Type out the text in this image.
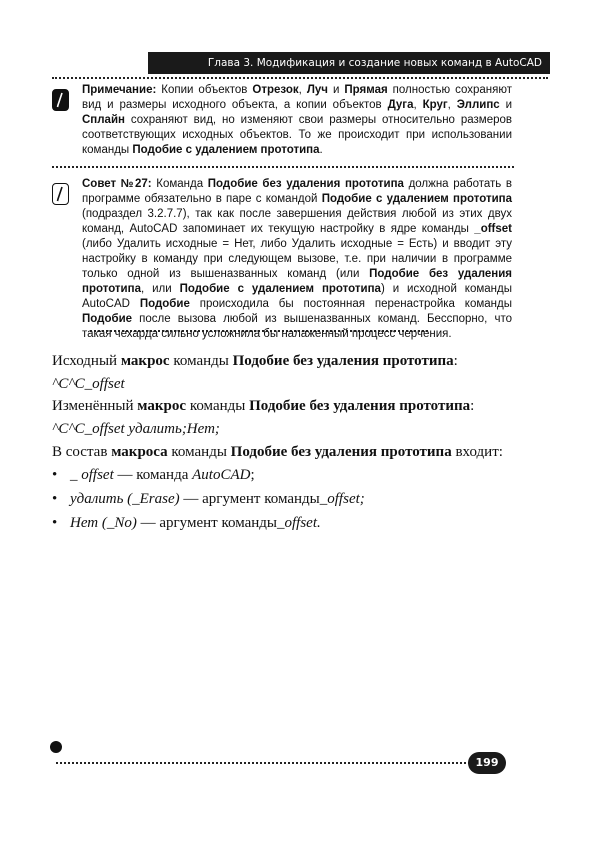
Глава 3. Модификация и создание новых команд в AutoCAD
Примечание: Копии объектов Отрезок, Луч и Прямая полностью сохраняют вид и размеры исходного объекта, а копии объектов Дуга, Круг, Эллипс и Сплайн сохраняют вид, но изменяют свои размеры относительно размеров соответствующих исходных объектов. То же происходит при использовании команды Подобие с удалением прототипа.
Совет №27: Команда Подобие без удаления прототипа должна работать в программе обязательно в паре с командой Подобие с удалением прототипа (подраздел 3.2.7.7), так как после завершения действия любой из этих двух команд, AutoCAD запоминает их текущую настройку в ядре команды _offset (либо Удалить исходные = Нет, либо Удалить исходные = Есть) и вводит эту настройку в команду при следующем вызове, т.е. при наличии в программе только одной из вышеназванных команд (или Подобие без удаления прототипа, или Подобие с удалением прототипа) и исходной команды AutoCAD Подобие происходила бы постоянная перенастройка команды Подобие после вызова любой из вышеназванных команд. Бесспорно, что такая чехарда сильно усложнила бы налаженный процесс черчения.
Исходный макрос команды Подобие без удаления прототипа:
^C^C_offset
Изменённый макрос команды Подобие без удаления прототипа:
^C^C_offset удалить;Нет;
В состав макроса команды Подобие без удаления прототипа входит:
• _ offset — команда AutoCAD;
• удалить (_Erase) — аргумент команды_offset;
• Нет (_No) — аргумент команды_offset.
199
